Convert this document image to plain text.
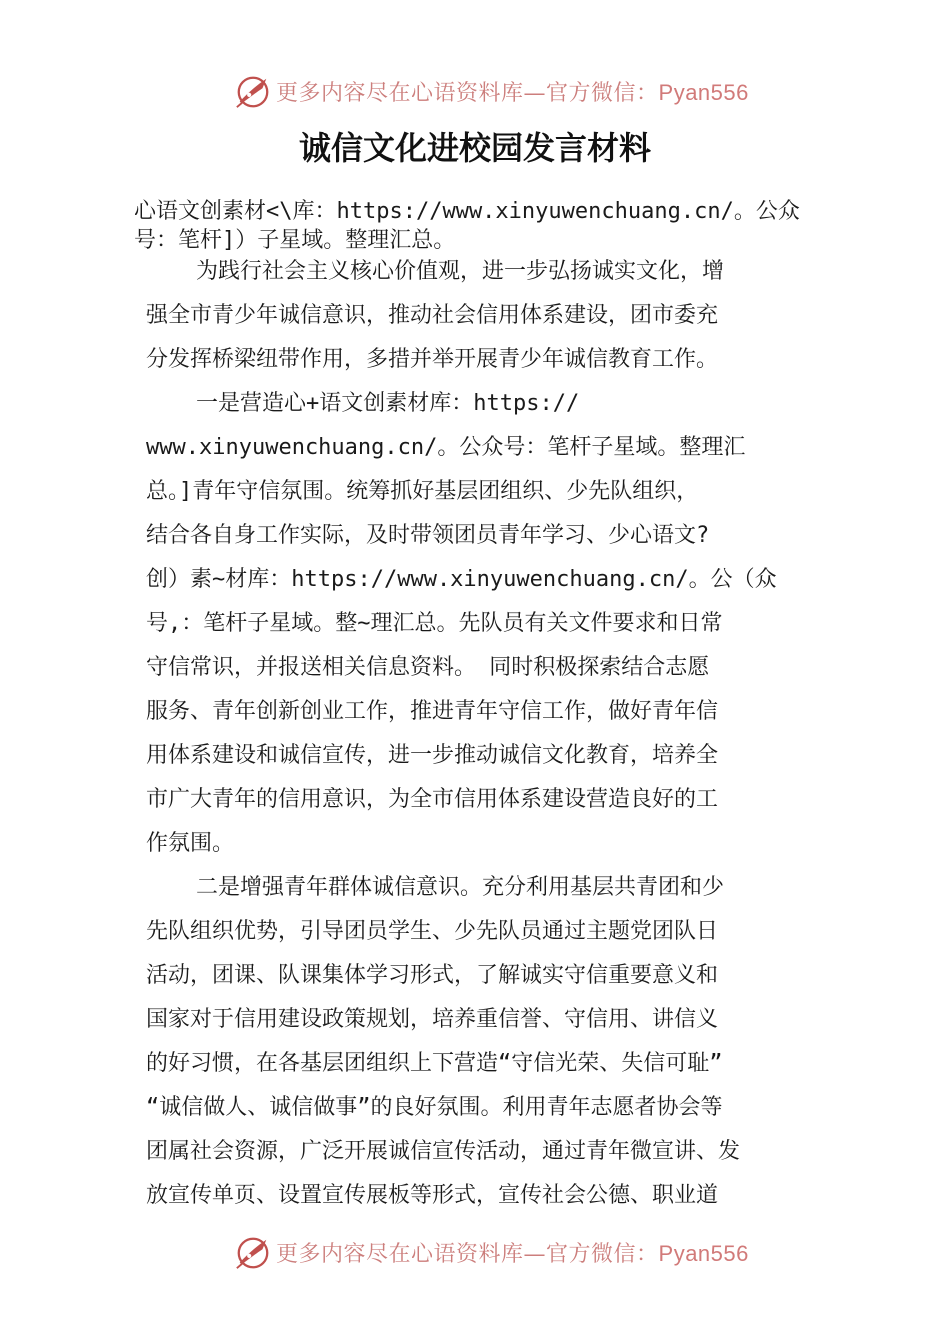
更多内容尽在心语资料库—官方微信：Pyan556
诚信文化进校园发言材料

心语文创素材<\库：https://www.xinyuwenchuang.cn/。公众

号：笔杆]）子星域。整理汇总。

为践行社会主义核心价值观，进一步弘扬诚实文化，增

强全市青少年诚信意识，推动社会信用体系建设，团市委充

分发挥桥梁纽带作用，多措并举开展青少年诚信教育工作。

一是营造心+语文创素材库：https://

www.xinyuwenchuang.cn/。公众号：笔杆子星域。整理汇

总。]青年守信氛围。统筹抓好基层团组织、少先队组织，

结合各自身工作实际，及时带领团员青年学习、少心语文?

创）素~材库：https://www.xinyuwenchuang.cn/。公（众

号,：笔杆子星域。整~理汇总。先队员有关文件要求和日常

守信常识，并报送相关信息资料。 同时积极探索结合志愿

服务、青年创新创业工作，推进青年守信工作，做好青年信

用体系建设和诚信宣传，进一步推动诚信文化教育，培养全

市广大青年的信用意识，为全市信用体系建设营造良好的工

作氛围。

二是增强青年群体诚信意识。充分利用基层共青团和少

先队组织优势，引导团员学生、少先队员通过主题党团队日

活动，团课、队课集体学习形式，了解诚实守信重要意义和

国家对于信用建设政策规划，培养重信誉、守信用、讲信义

的好习惯，在各基层团组织上下营造“守信光荣、失信可耻”

“诚信做人、诚信做事”的良好氛围。利用青年志愿者协会等

团属社会资源，广泛开展诚信宣传活动，通过青年微宣讲、发

放宣传单页、设置宣传展板等形式，宣传社会公德、职业道

更多内容尽在心语资料库—官方微信：Pyan556
